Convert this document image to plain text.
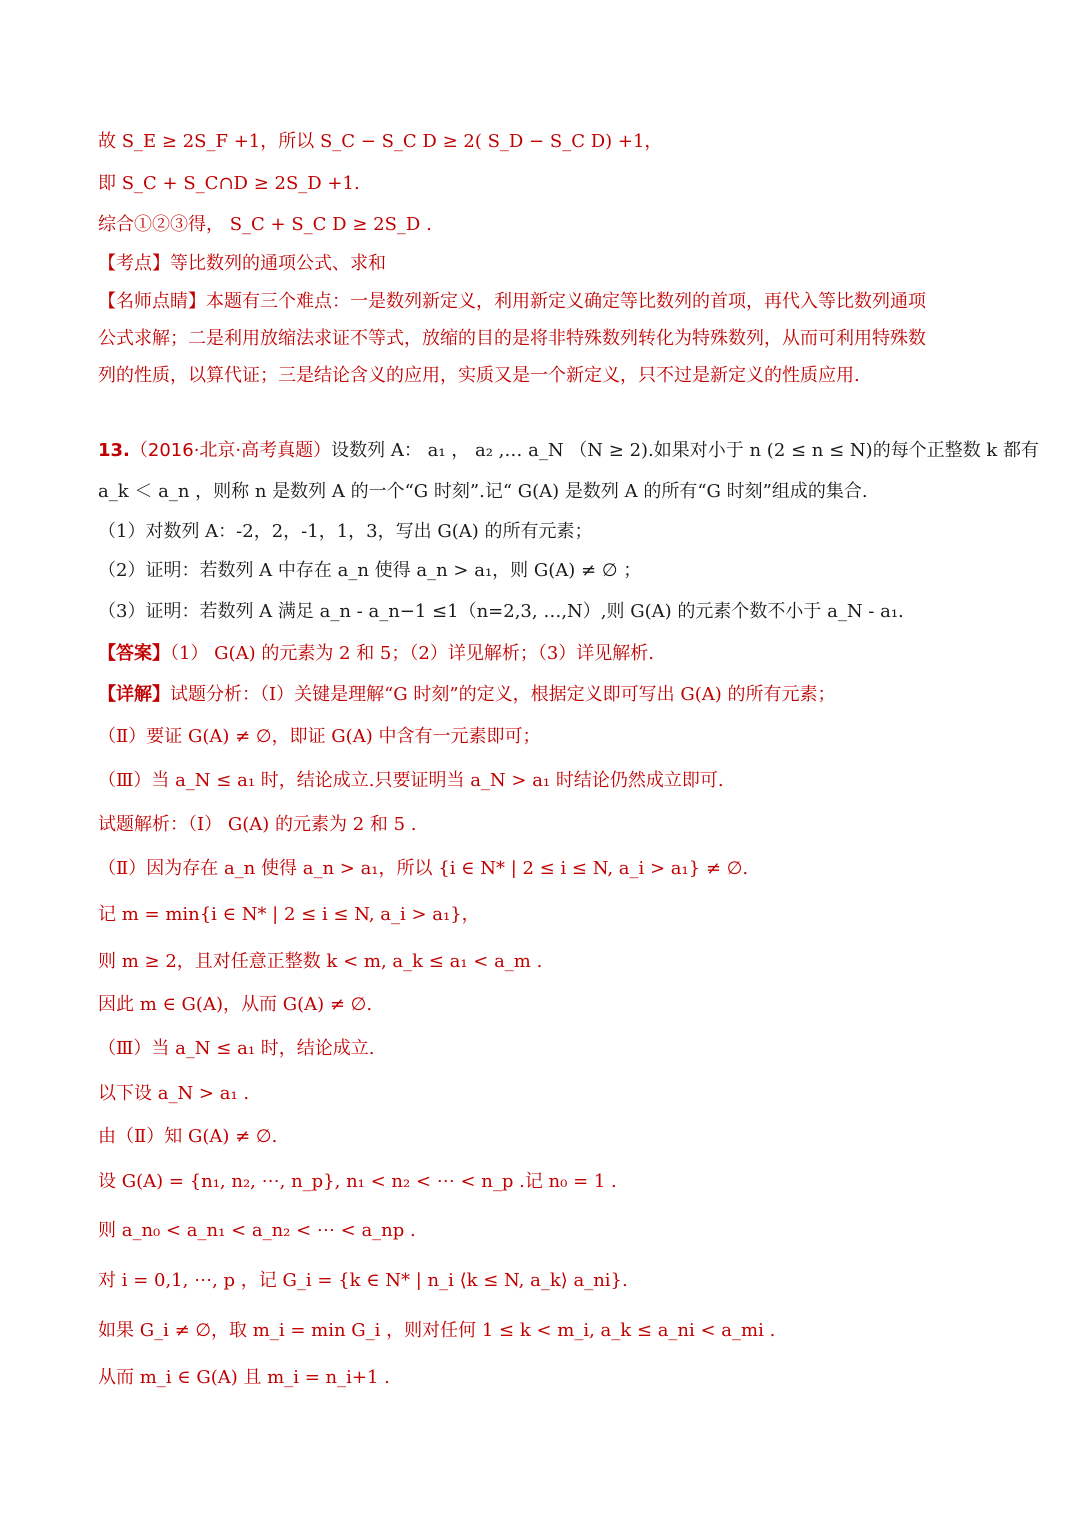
故 S_E ≥ 2S_F +1，所以 S_C − S_C D ≥ 2( S_D − S_C D) +1，
即 S_C + S_C∩D ≥ 2S_D +1.
综合①②③得， S_C + S_C D ≥ 2S_D .
【考点】等比数列的通项公式、求和
【名师点睛】本题有三个难点：一是数列新定义，利用新定义确定等比数列的首项，再代入等比数列通项
公式求解；二是利用放缩法求证不等式，放缩的目的是将非特殊数列转化为特殊数列，从而可利用特殊数
列的性质，以算代证；三是结论含义的应用，实质又是一个新定义，只不过是新定义的性质应用.
13.（2016·北京·高考真题）设数列 A： a₁ ， a₂ ,… a_N （N ≥ 2).如果对小于 n (2 ≤ n ≤ N)的每个正整数 k 都有
a_k ＜ a_n ，则称 n 是数列 A 的一个“G 时刻”.记“ G(A) 是数列 A 的所有“G 时刻”组成的集合.
（1）对数列 A：-2，2，-1，1，3，写出 G(A) 的所有元素；
（2）证明：若数列 A 中存在 a_n 使得 a_n > a₁，则 G(A) ≠ ∅ ；
（3）证明：若数列 A 满足 a_n - a_n−1 ≤1（n=2,3, …,N）,则 G(A) 的元素个数不小于 a_N - a₁.
【答案】（1） G(A) 的元素为 2 和 5；（2）详见解析；（3）详见解析.
【详解】试题分析：（Ⅰ）关键是理解“G 时刻”的定义，根据定义即可写出 G(A) 的所有元素；
（Ⅱ）要证 G(A) ≠ ∅，即证 G(A) 中含有一元素即可；
（Ⅲ）当 a_N ≤ a₁ 时，结论成立.只要证明当 a_N > a₁ 时结论仍然成立即可.
试题解析：（Ⅰ） G(A) 的元素为 2 和 5 .
（Ⅱ）因为存在 a_n 使得 a_n > a₁，所以 {i ∈ N* | 2 ≤ i ≤ N, a_i > a₁} ≠ ∅.
记 m = min{i ∈ N* | 2 ≤ i ≤ N, a_i > a₁}，
则 m ≥ 2，且对任意正整数 k < m, a_k ≤ a₁ < a_m .
因此 m ∈ G(A)，从而 G(A) ≠ ∅.
（Ⅲ）当 a_N ≤ a₁ 时，结论成立.
以下设 a_N > a₁ .
由（Ⅱ）知 G(A) ≠ ∅.
设 G(A) = {n₁, n₂, ⋯, n_p}, n₁ < n₂ < ⋯ < n_p .记 n₀ = 1 .
则 a_n₀ < a_n₁ < a_n₂ < ⋯ < a_np .
对 i = 0,1, ⋯, p ，记 G_i = {k ∈ N* | n_i ⟨k ≤ N, a_k⟩ a_ni}.
如果 G_i ≠ ∅，取 m_i = min G_i ，则对任何 1 ≤ k < m_i, a_k ≤ a_ni < a_mi .
从而 m_i ∈ G(A) 且 m_i = n_i+1 .
